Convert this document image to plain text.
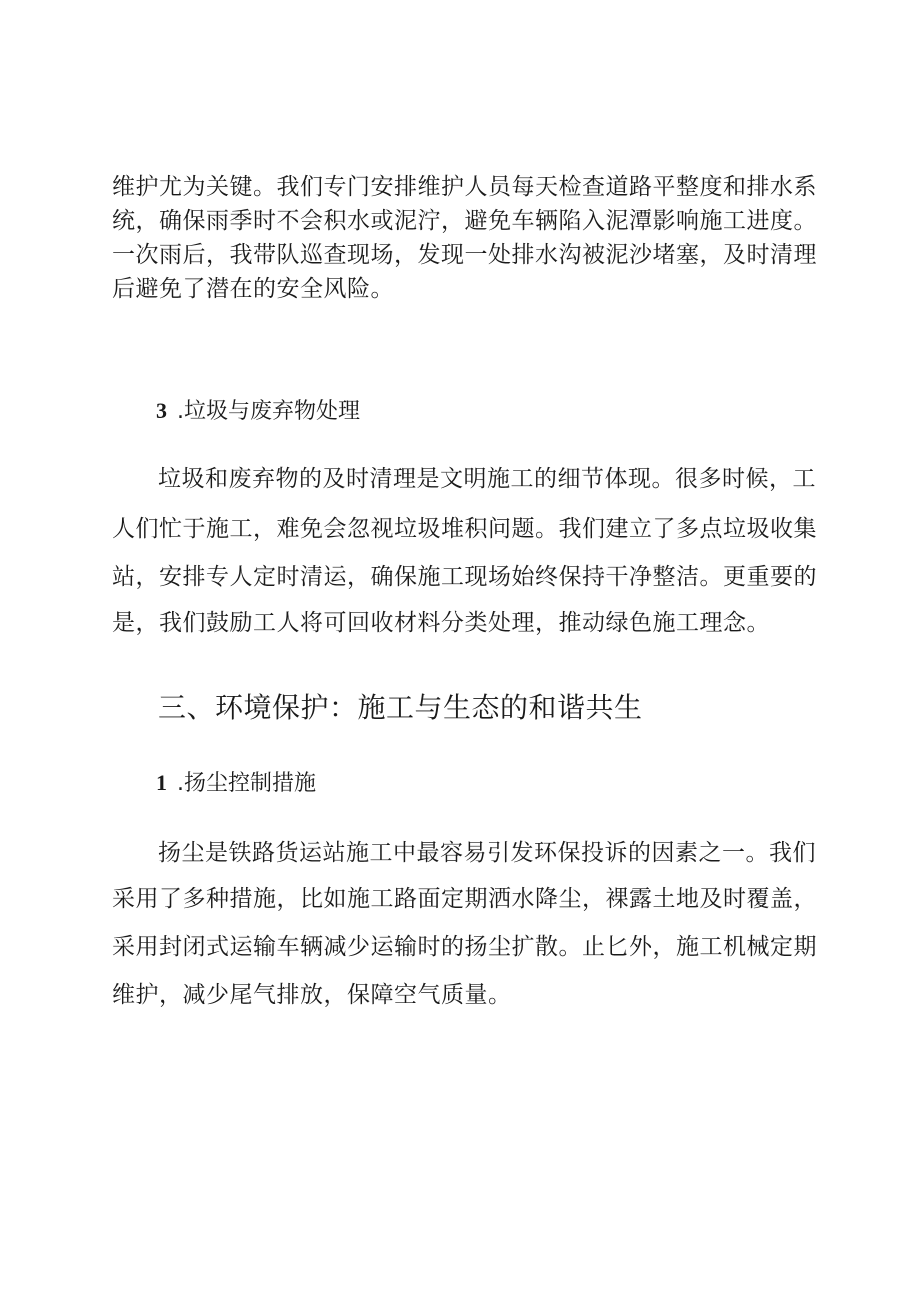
维护尤为关键。我们专门安排维护人员每天检查道路平整度和排水系
统，确保雨季时不会积水或泥泞，避免车辆陷入泥潭影响施工进度。
一次雨后，我带队巡查现场，发现一处排水沟被泥沙堵塞，及时清理
后避免了潜在的安全风险。
3 .垃圾与废弃物处理
垃圾和废弃物的及时清理是文明施工的细节体现。很多时候，工
人们忙于施工，难免会忽视垃圾堆积问题。我们建立了多点垃圾收集
站，安排专人定时清运，确保施工现场始终保持干净整洁。更重要的
是，我们鼓励工人将可回收材料分类处理，推动绿色施工理念。
三、环境保护：施工与生态的和谐共生
1 .扬尘控制措施
扬尘是铁路货运站施工中最容易引发环保投诉的因素之一。我们
采用了多种措施，比如施工路面定期洒水降尘，裸露土地及时覆盖，
采用封闭式运输车辆减少运输时的扬尘扩散。止匕外，施工机械定期
维护，减少尾气排放，保障空气质量。
